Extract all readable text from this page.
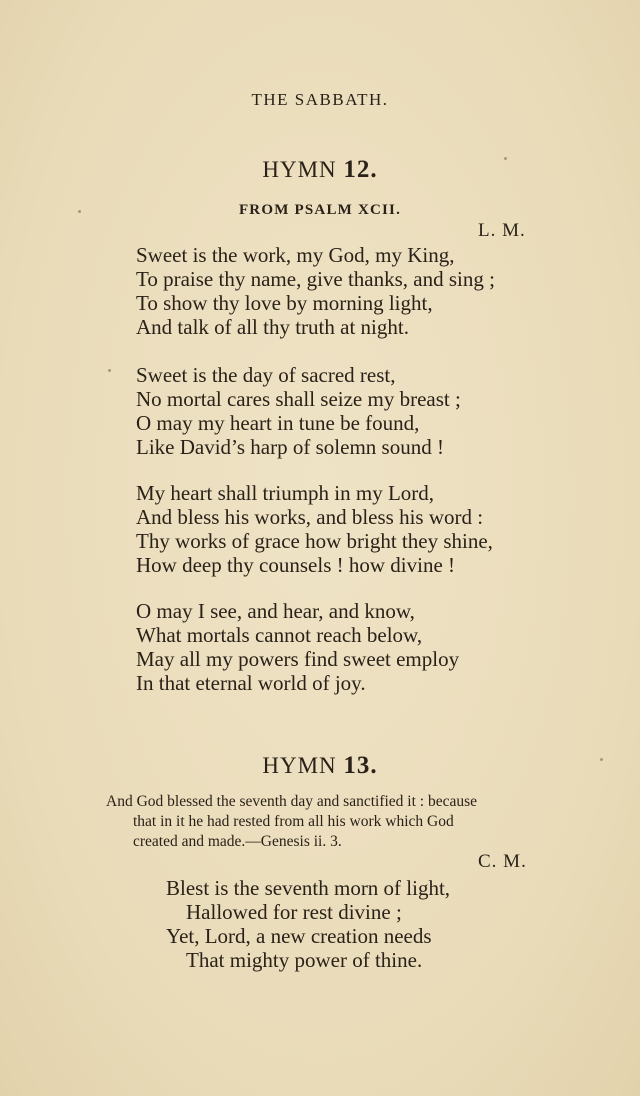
THE SABBATH.
HYMN 12.
FROM PSALM XCII.
L. M.
Sweet is the work, my God, my King,
To praise thy name, give thanks, and sing ;
To show thy love by morning light,
And talk of all thy truth at night.
Sweet is the day of sacred rest,
No mortal cares shall seize my breast ;
O may my heart in tune be found,
Like David’s harp of solemn sound !
My heart shall triumph in my Lord,
And bless his works, and bless his word :
Thy works of grace how bright they shine,
How deep thy counsels ! how divine !
O may I see, and hear, and know,
What mortals cannot reach below,
May all my powers find sweet employ
In that eternal world of joy.
HYMN 13.
And God blessed the seventh day and sanctified it : because
that in it he had rested from all his work which God
created and made.—Genesis ii. 3.
C. M.
Blest is the seventh morn of light,
Hallowed for rest divine ;
Yet, Lord, a new creation needs
That mighty power of thine.
